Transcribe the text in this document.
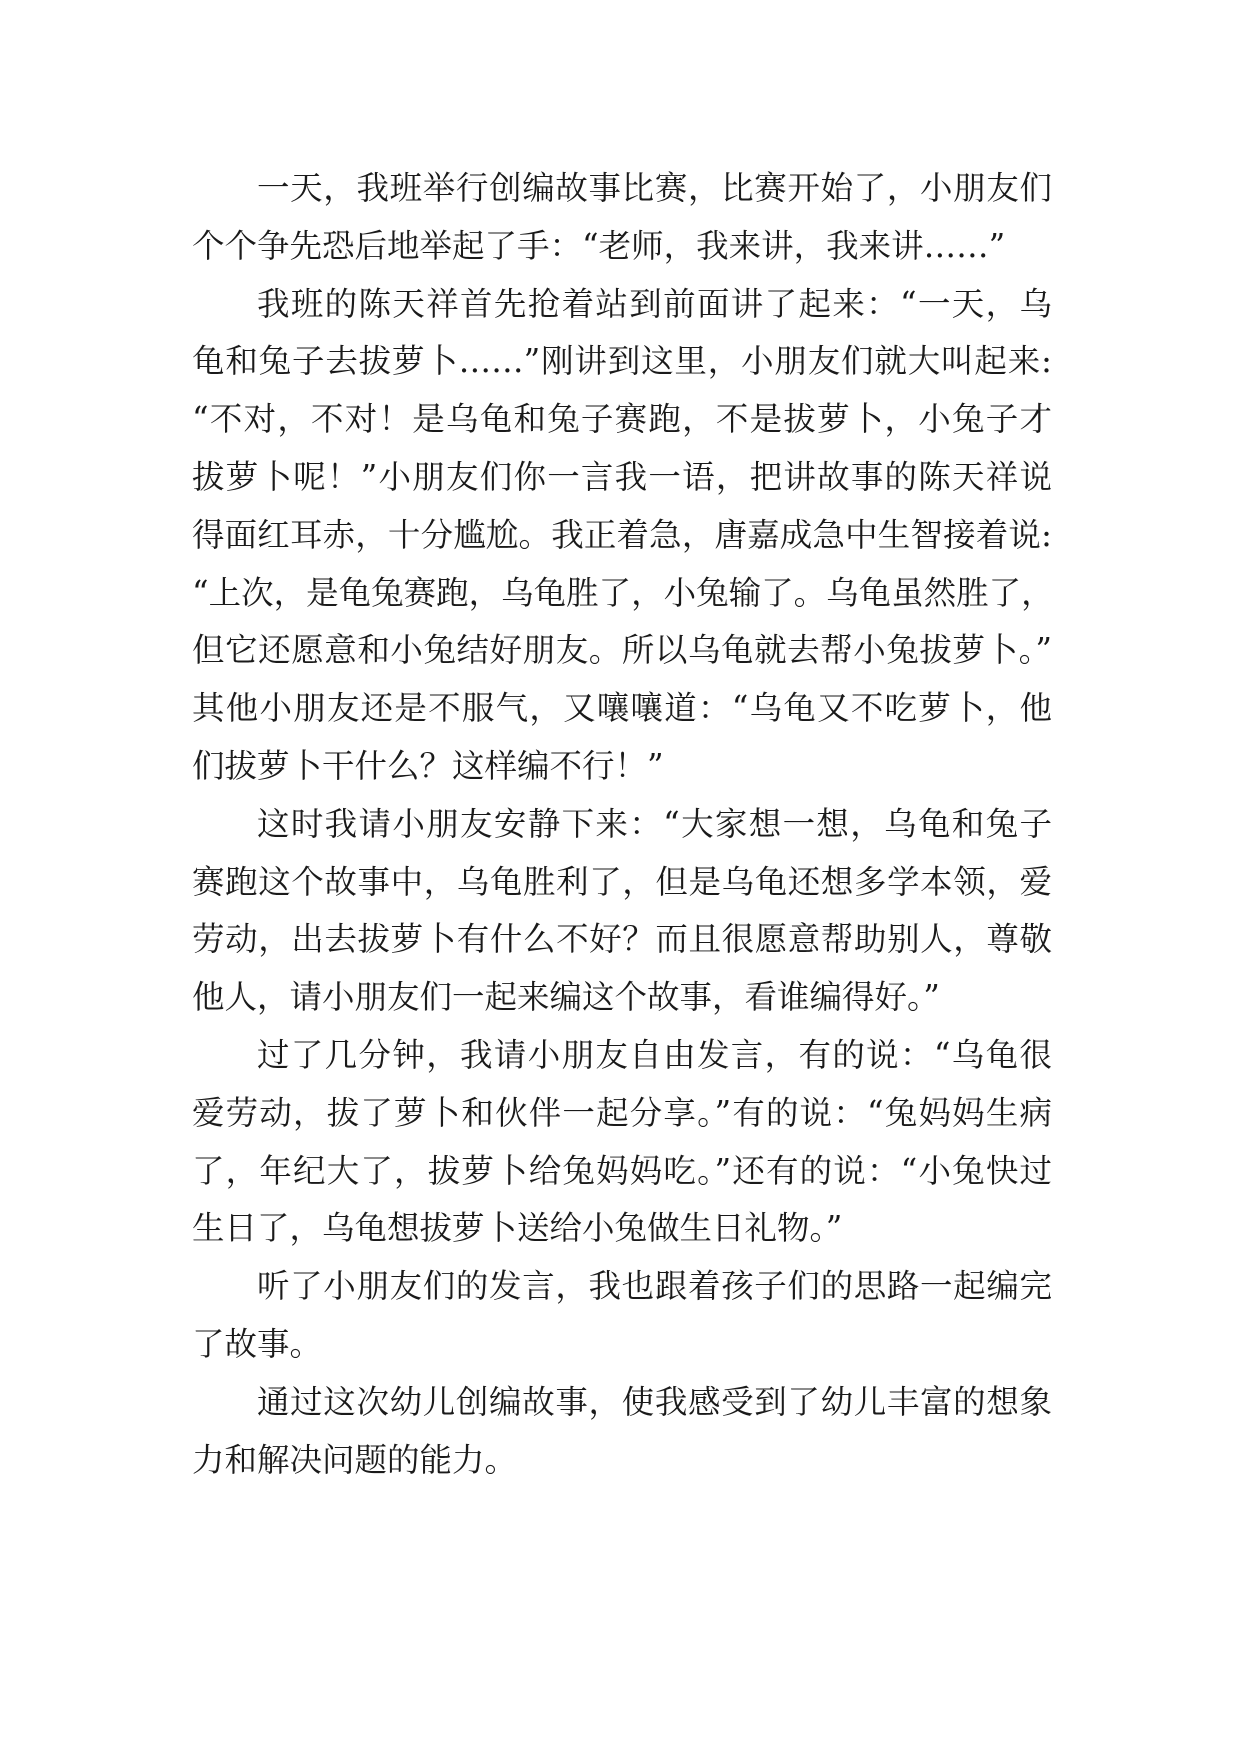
一天，我班举行创编故事比赛，比赛开始了，小朋友们
个个争先恐后地举起了手：“老师，我来讲，我来讲……”
我班的陈天祥首先抢着站到前面讲了起来：“一天，乌
龟和兔子去拔萝卜……”刚讲到这里，小朋友们就大叫起来:
“不对，不对！是乌龟和兔子赛跑，不是拔萝卜，小兔子才
拔萝卜呢！”小朋友们你一言我一语，把讲故事的陈天祥说
得面红耳赤，十分尴尬。我正着急，唐嘉成急中生智接着说:
“上次，是龟兔赛跑，乌龟胜了，小兔输了。乌龟虽然胜了，
但它还愿意和小兔结好朋友。所以乌龟就去帮小兔拔萝卜。”
其他小朋友还是不服气，又嚷嚷道：“乌龟又不吃萝卜，他
们拔萝卜干什么？这样编不行！”
这时我请小朋友安静下来：“大家想一想，乌龟和兔子
赛跑这个故事中，乌龟胜利了，但是乌龟还想多学本领，爱
劳动，出去拔萝卜有什么不好？而且很愿意帮助别人，尊敬
他人，请小朋友们一起来编这个故事，看谁编得好。”
过了几分钟，我请小朋友自由发言，有的说：“乌龟很
爱劳动，拔了萝卜和伙伴一起分享。”有的说：“兔妈妈生病
了，年纪大了，拔萝卜给兔妈妈吃。”还有的说：“小兔快过
生日了，乌龟想拔萝卜送给小兔做生日礼物。”
听了小朋友们的发言，我也跟着孩子们的思路一起编完
了故事。
通过这次幼儿创编故事，使我感受到了幼儿丰富的想象
力和解决问题的能力。
